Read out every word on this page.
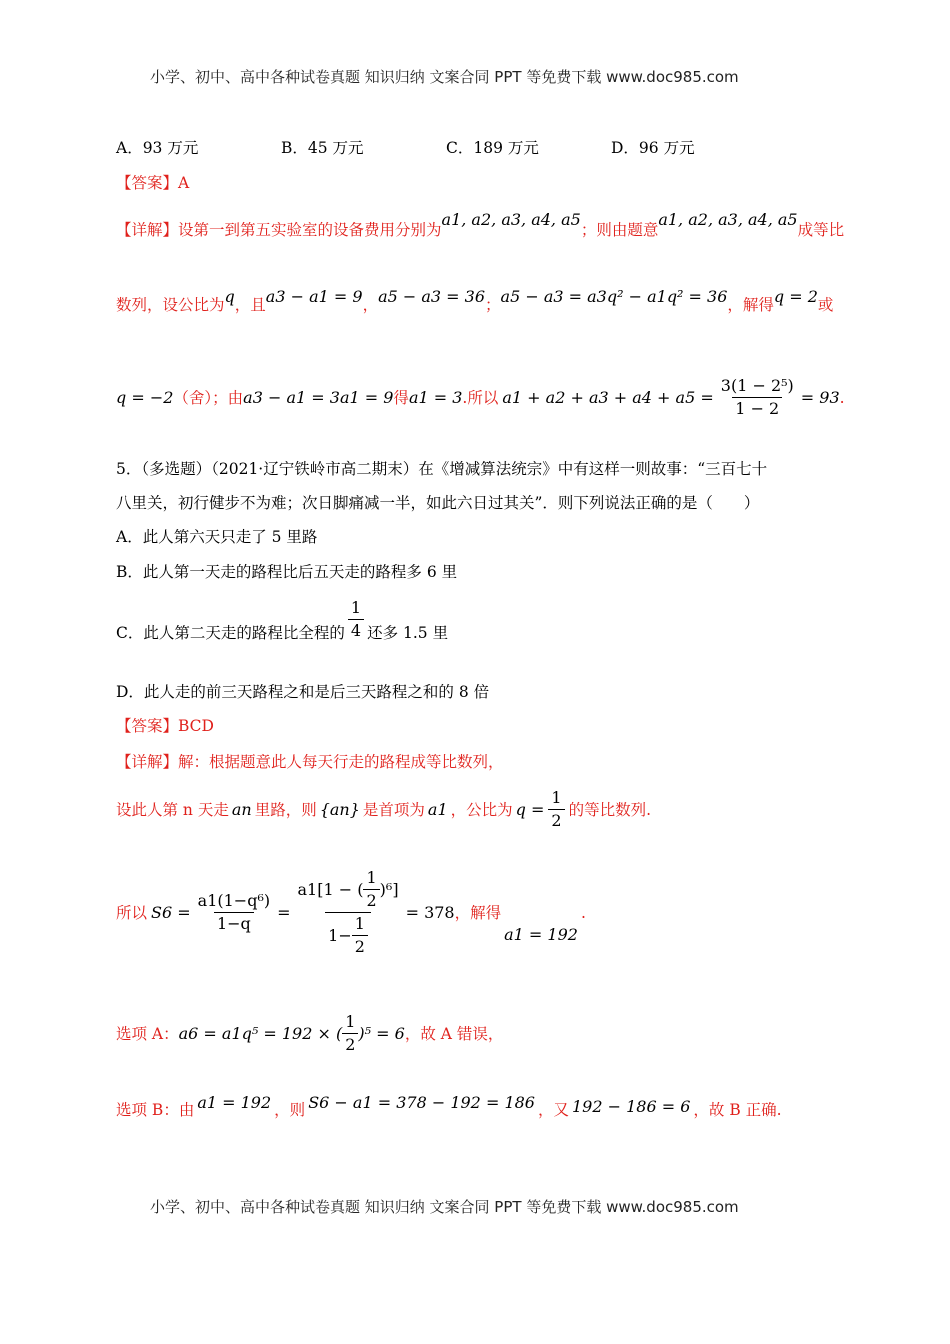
小学、初中、高中各种试卷真题 知识归纳 文案合同 PPT 等免费下载 www.doc985.com
A．93 万元	B．45 万元	C．189 万元	D．96 万元
【答案】A
【详解】设第一到第五实验室的设备费用分别为a1, a2, a3, a4, a5；则由题意a1, a2, a3, a4, a5成等比
数列，设公比为q，且a3 − a1 = 9，a5 − a3 = 36；a5 − a3 = a3q² − a1q² = 36，解得q = 2或
q = −2 （舍）；由 a3 − a1 = 3a1 = 9 得 a1 = 3 .所以 $a1 + a2 + a3 + a4 + a5 = \frac{\text{3(1 − 2⁵)}}{1 - 2} = 93$ .
5．（多选题）（2021·辽宁铁岭市高二期末）在《增减算法统宗》中有这样一则故事：“三百七十
八里关，初行健步不为难；次日脚痛减一半，如此六日过其关”．则下列说法正确的是（　　）
A．此人第六天只走了 5 里路
B．此人第一天走的路程比后五天走的路程多 6 里
C．此人第二天走的路程比全程的 $\frac{1}{4}$ 还多 1.5 里
D．此人走的前三天路程之和是后三天路程之和的 8 倍
【答案】BCD
【详解】解：根据题意此人每天行走的路程成等比数列，
设此人第 n 天走 an 里路，则 {an} 是首项为 a1 ，公比为 $q = \frac{1}{2}$ 的等比数列.
所以 $S6 = \frac{\text{a1(1−q⁶)}}{1-q} = \frac{a1[1 - ( \frac{1}{2} )^6]}{1- \frac{1}{2}} = 378$ ，解得
a1 = 192
.
选项 A： a6 = a1q⁵ = 192 × ( $\frac{1}{2} )^5 = 6$ ，故 A 错误，
选项 B：由 a1 = 192 ，则 S6 − a1 = 378 − 192 = 186 ，又 192 − 186 = 6 ，故 B 正确.
小学、初中、高中各种试卷真题 知识归纳 文案合同 PPT 等免费下载 www.doc985.com
